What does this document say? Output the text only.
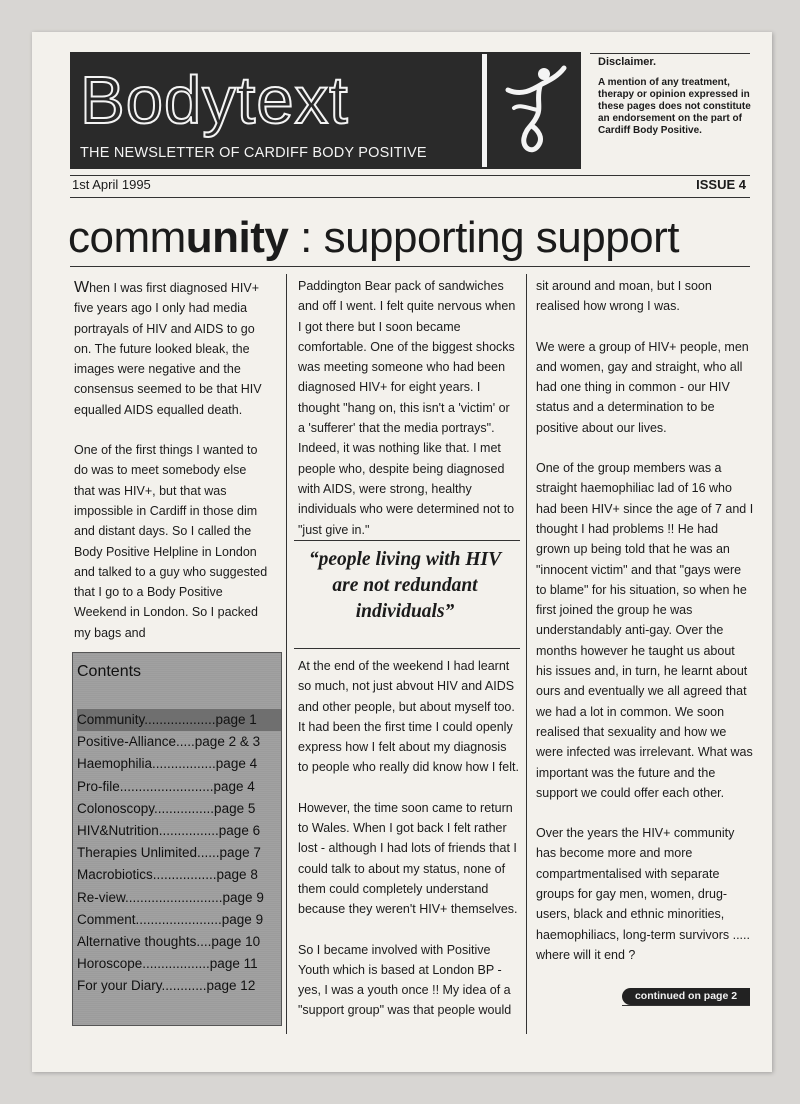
Bodytext
THE NEWSLETTER OF CARDIFF BODY POSITIVE
Disclaimer.
A mention of any treatment, therapy or opinion expressed in these pages does not constitute an endorsement on the part of Cardiff Body Positive.
1st April 1995	ISSUE 4
community : supporting support

When I was first diagnosed HIV+ five years ago I only had media portrayals of HIV and AIDS to go on. The future looked bleak, the images were negative and the consensus seemed to be that HIV equalled AIDS equalled death.

One of the first things I wanted to do was to meet somebody else that was HIV+, but that was impossible in Cardiff in those dim and distant days. So I called the Body Positive Helpline in London and talked to a guy who suggested that I go to a Body Positive Weekend in London. So I packed my bags and

Contents
Community...................page 1
Positive-Alliance.....page 2 & 3
Haemophilia.................page 4
Pro-file.........................page 4
Colonoscopy................page 5
HIV&Nutrition................page 6
Therapies Unlimited......page 7
Macrobiotics.................page 8
Re-view..........................page 9
Comment.......................page 9
Alternative thoughts....page 10
Horoscope..................page 11
For your Diary............page 12

Paddington Bear pack of sandwiches and off I went. I felt quite nervous when I got there but I soon became comfortable. One of the biggest shocks was meeting someone who had been diagnosed HIV+ for eight years. I thought "hang on, this isn't a 'victim' or a 'sufferer' that the media portrays". Indeed, it was nothing like that. I met people who, despite being diagnosed with AIDS, were strong, healthy individuals who were determined not to "just give in."

“people living with HIV are not redundant individuals”

At the end of the weekend I had learnt so much, not just abvout HIV and AIDS and other people, but about myself too. It had been the first time I could openly express how I felt about my diagnosis to people who really did know how I felt.

However, the time soon came to return to Wales. When I got back I felt rather lost - although I had lots of friends that I could talk to about my status, none of them could completely understand because they weren't HIV+ themselves.

So I became involved with Positive Youth which is based at London BP - yes, I was a youth once !! My idea of a "support group" was that people would

sit around and moan, but I soon realised how wrong I was.

We were a group of HIV+ people, men and women, gay and straight, who all had one thing in common - our HIV status and a determination to be positive about our lives.

One of the group members was a straight haemophiliac lad of 16 who had been HIV+ since the age of 7 and I thought I had problems !! He had grown up being told that he was an "innocent victim" and that "gays were to blame" for his situation, so when he first joined the group he was understandably anti-gay. Over the months however he taught us about his issues and, in turn, he learnt about ours and eventually we all agreed that we had a lot in common. We soon realised that sexuality and how we were infected was irrelevant. What was important was the future and the support we could offer each other.

Over the years the HIV+ community has become more and more compartmentalised with separate groups for gay men, women, drug-users, black and ethnic minorities, haemophiliacs, long-term survivors ..... where will it end ?

continued on page 2
